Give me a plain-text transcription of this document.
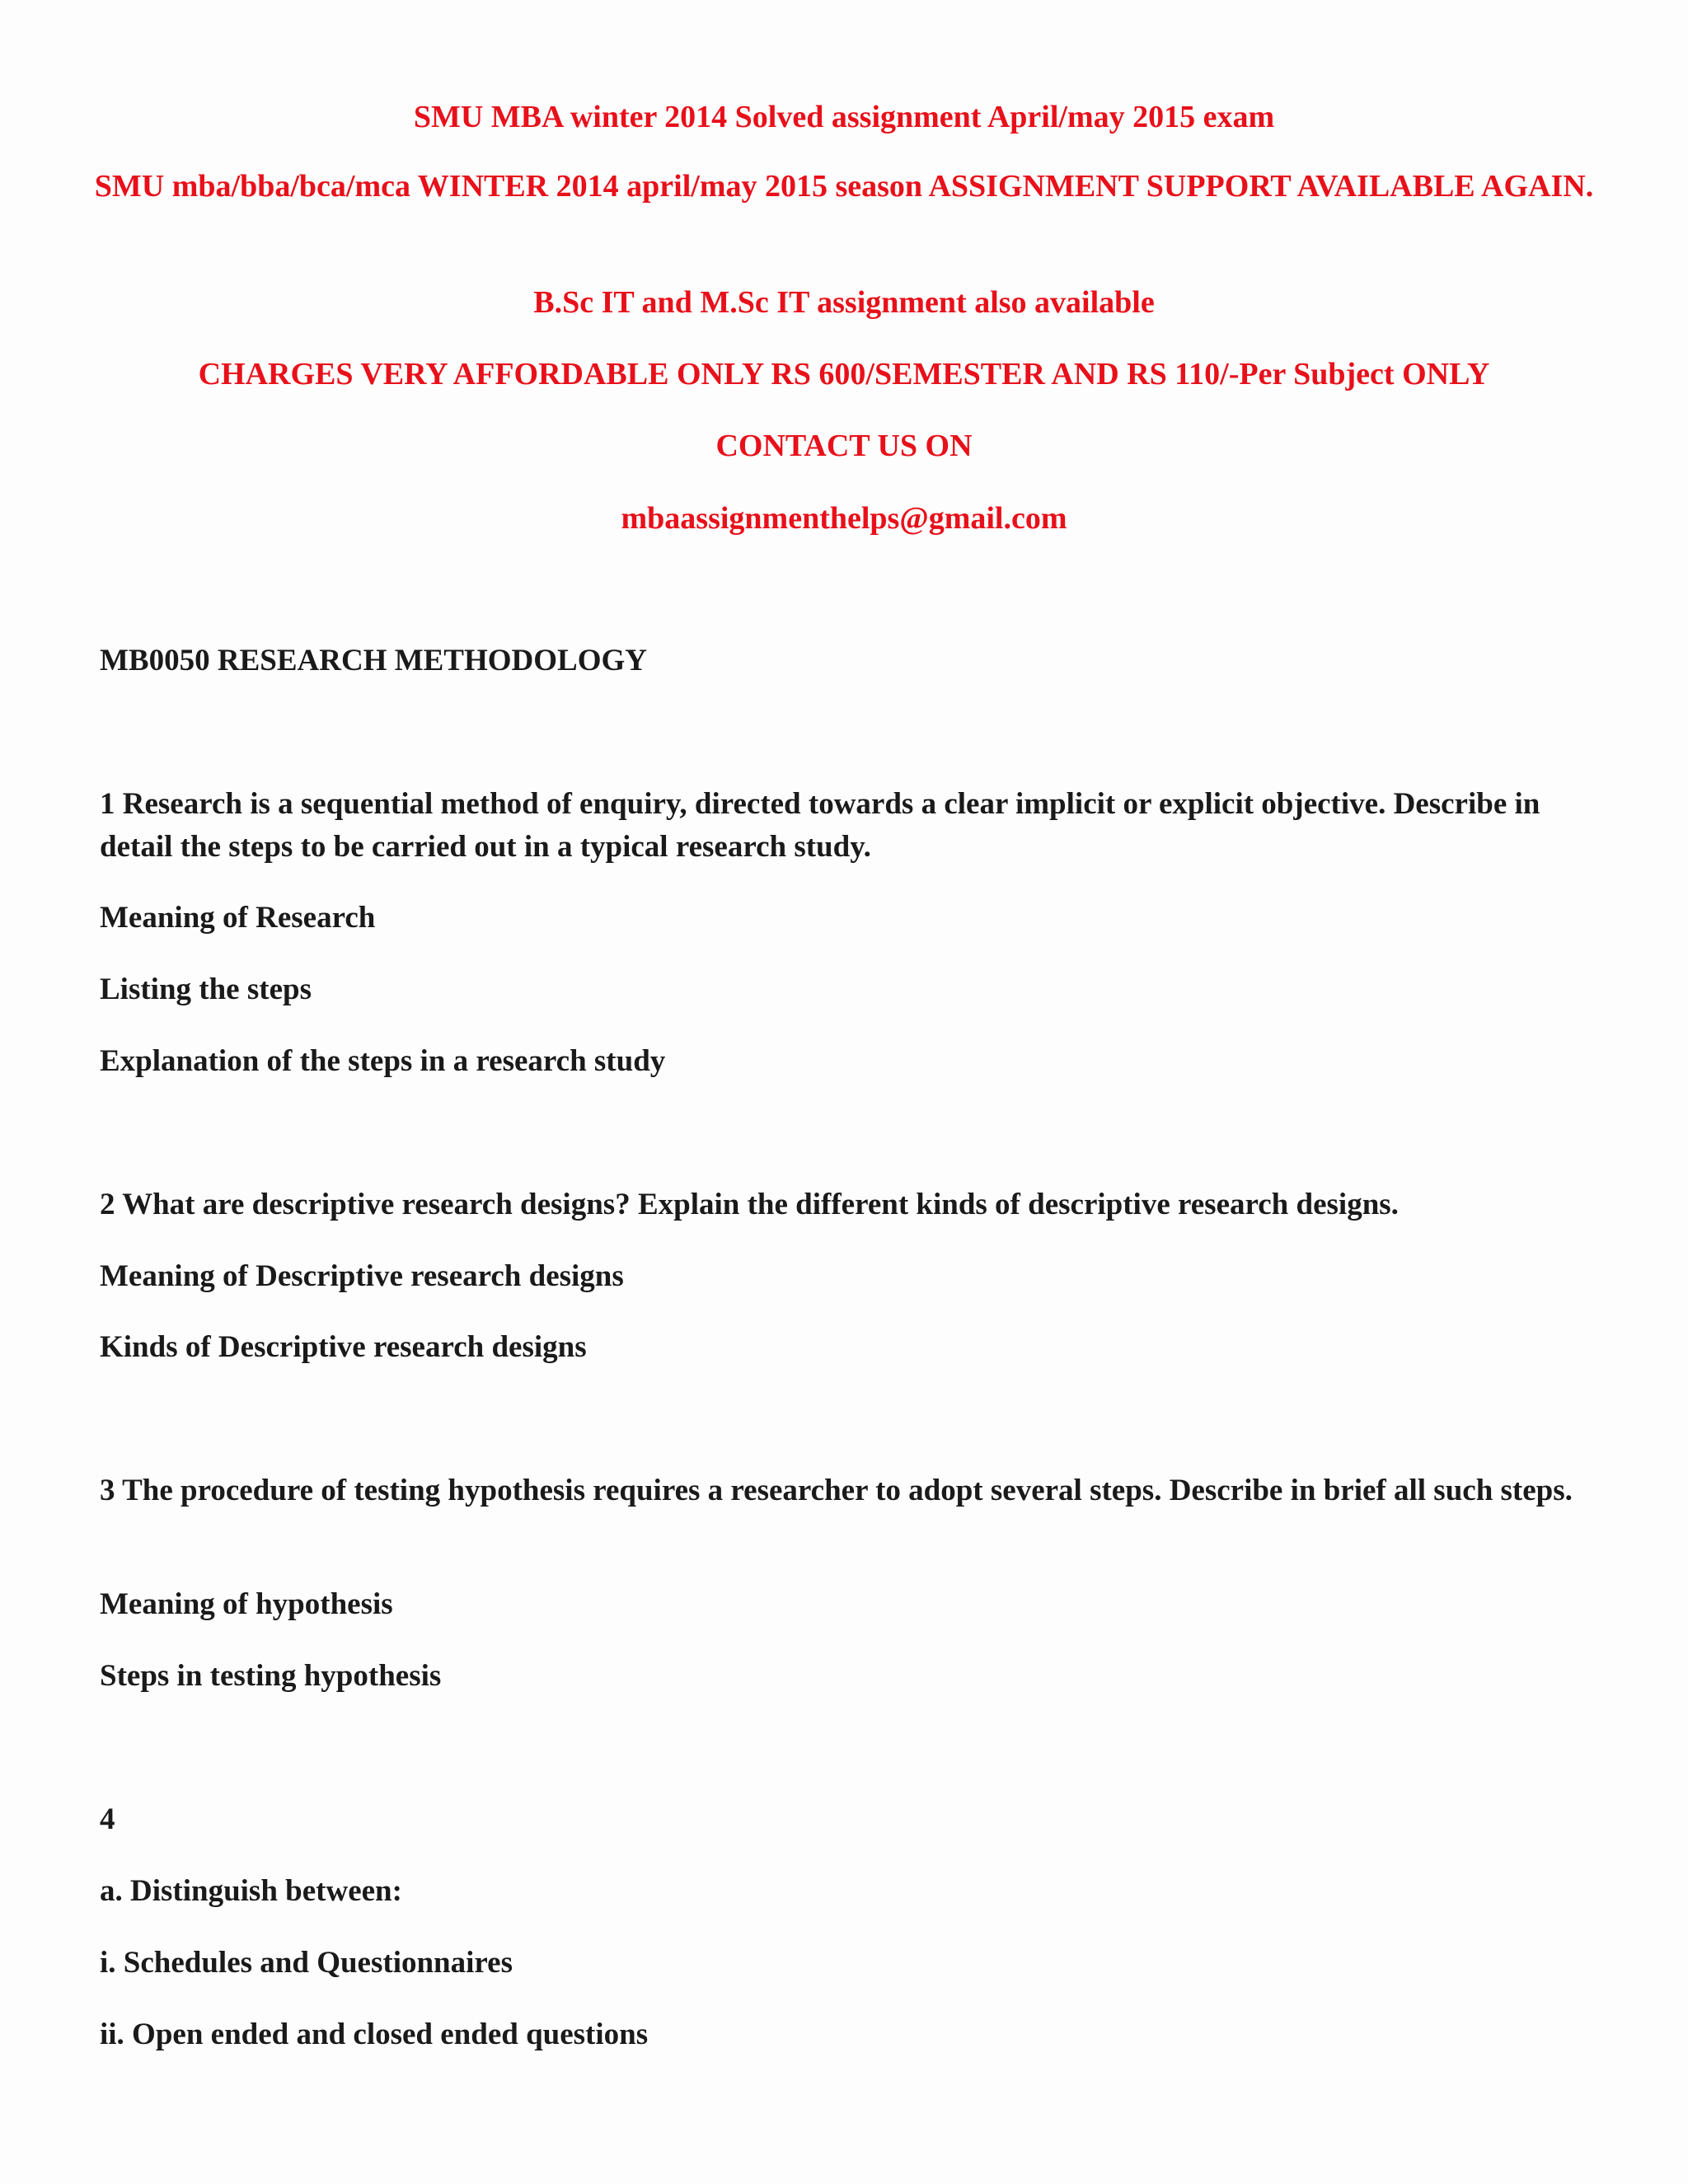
SMU MBA winter 2014 Solved assignment April/may 2015 exam

SMU mba/bba/bca/mca WINTER 2014 april/may 2015 season ASSIGNMENT SUPPORT AVAILABLE AGAIN.

B.Sc IT and M.Sc IT assignment also available

CHARGES VERY AFFORDABLE ONLY RS 600/SEMESTER AND RS 110/-Per Subject ONLY

CONTACT US ON

mbaassignmenthelps@gmail.com

MB0050 RESEARCH METHODOLOGY

1 Research is a sequential method of enquiry, directed towards a clear implicit or explicit objective. Describe in detail the steps to be carried out in a typical research study.

Meaning of Research

Listing the steps

Explanation of the steps in a research study

2 What are descriptive research designs? Explain the different kinds of descriptive research designs.

Meaning of Descriptive research designs

Kinds of Descriptive research designs

3 The procedure of testing hypothesis requires a researcher to adopt several steps. Describe in brief all such steps.

Meaning of hypothesis

Steps in testing hypothesis

4

a. Distinguish between:

i. Schedules and Questionnaires

ii. Open ended and closed ended questions
